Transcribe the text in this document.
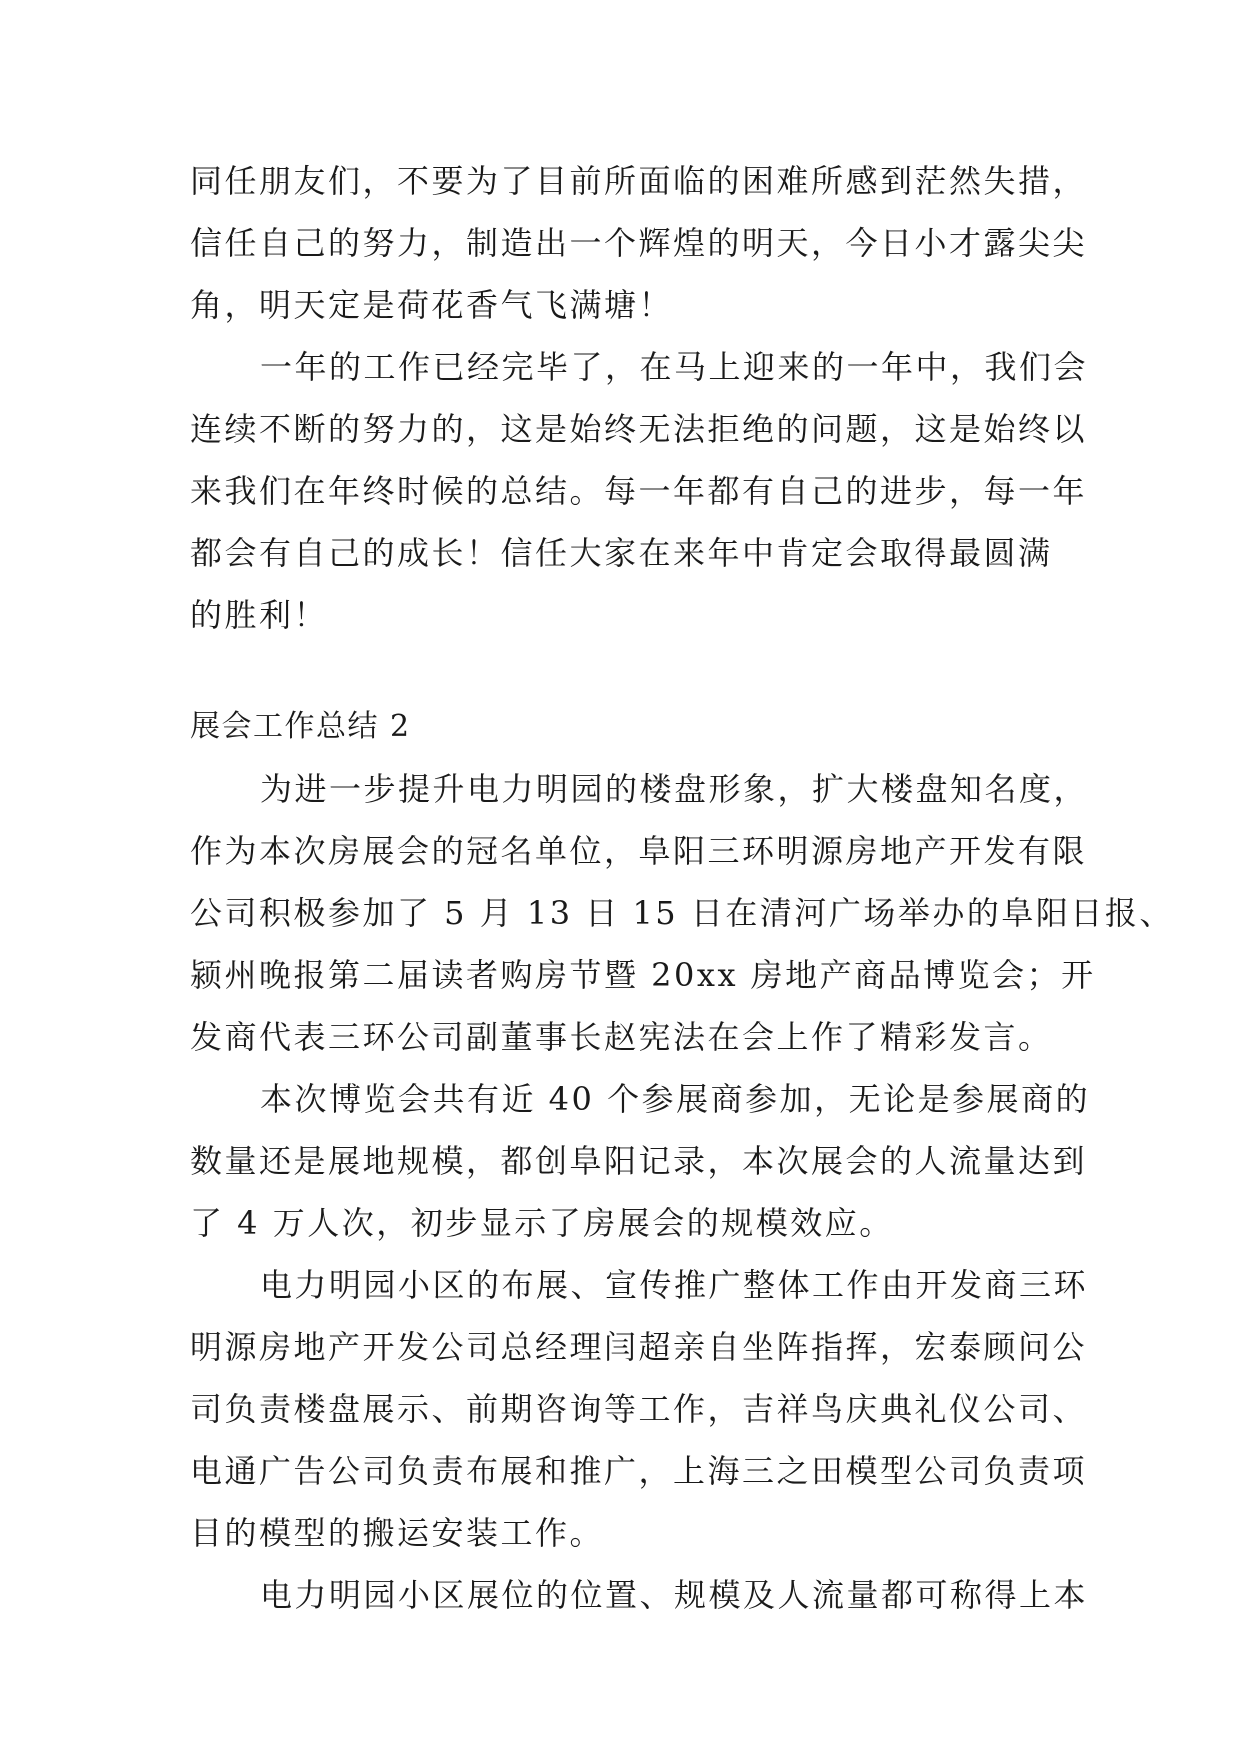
同任朋友们，不要为了目前所面临的困难所感到茫然失措，
信任自己的努力，制造出一个辉煌的明天，今日小才露尖尖
角，明天定是荷花香气飞满塘！
一年的工作已经完毕了，在马上迎来的一年中，我们会
连续不断的努力的，这是始终无法拒绝的问题，这是始终以
来我们在年终时候的总结。每一年都有自己的进步，每一年
都会有自己的成长！信任大家在来年中肯定会取得最圆满
的胜利！
展会工作总结 2
为进一步提升电力明园的楼盘形象，扩大楼盘知名度，
作为本次房展会的冠名单位，阜阳三环明源房地产开发有限
公司积极参加了 5 月 13 日 15 日在清河广场举办的阜阳日报、
颍州晚报第二届读者购房节暨 20xx 房地产商品博览会；开
发商代表三环公司副董事长赵宪法在会上作了精彩发言。
本次博览会共有近 40 个参展商参加，无论是参展商的
数量还是展地规模，都创阜阳记录，本次展会的人流量达到
了 4 万人次，初步显示了房展会的规模效应。
电力明园小区的布展、宣传推广整体工作由开发商三环
明源房地产开发公司总经理闫超亲自坐阵指挥，宏泰顾问公
司负责楼盘展示、前期咨询等工作，吉祥鸟庆典礼仪公司、
电通广告公司负责布展和推广，上海三之田模型公司负责项
目的模型的搬运安装工作。
电力明园小区展位的位置、规模及人流量都可称得上本
